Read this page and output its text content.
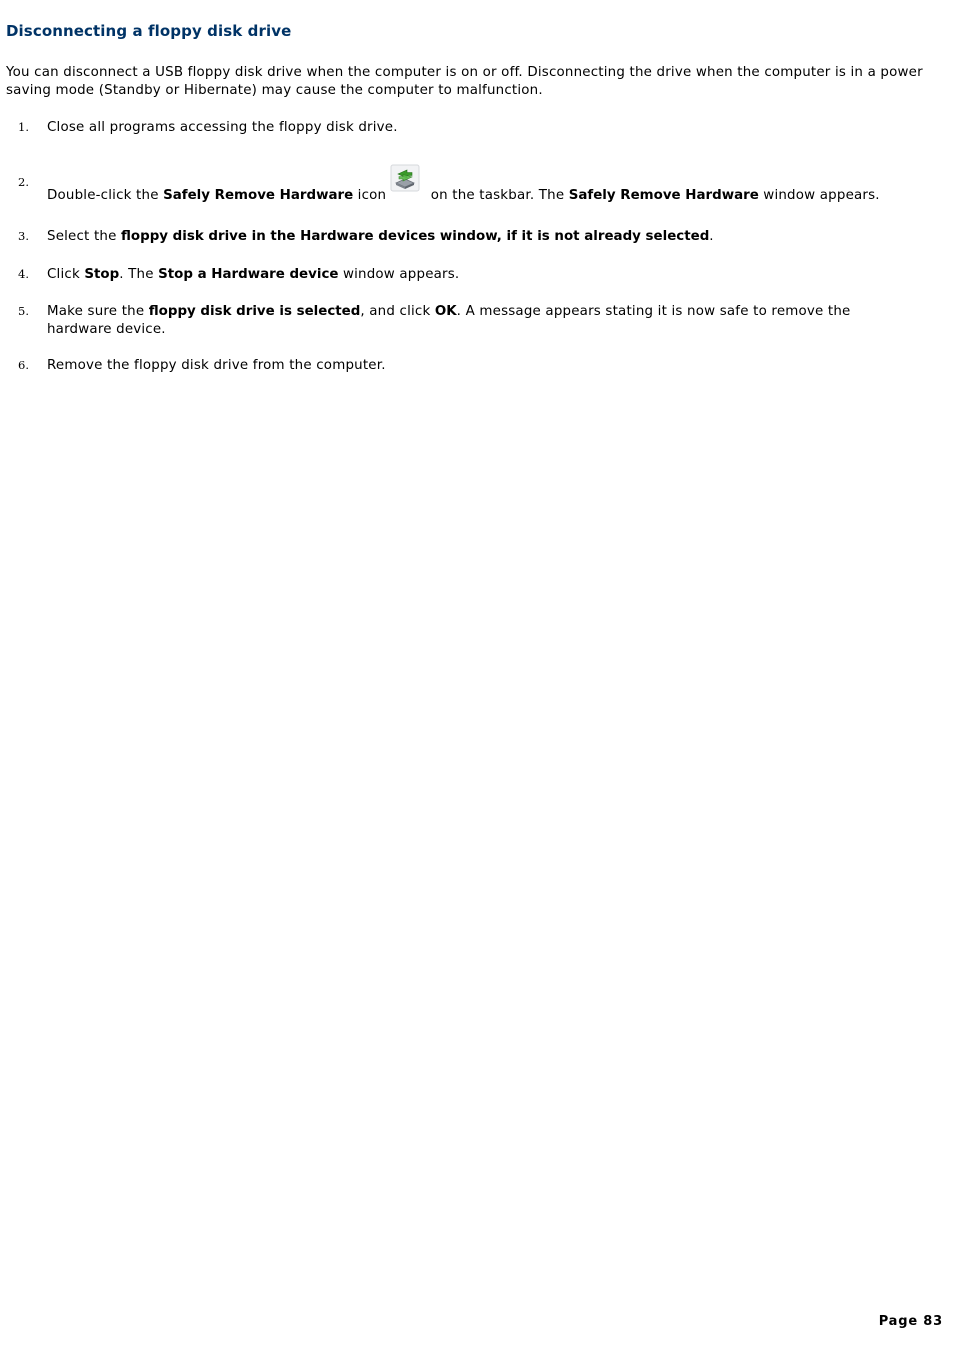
Disconnecting a floppy disk drive

You can disconnect a USB floppy disk drive when the computer is on or off. Disconnecting the drive when the computer is in a power saving mode (Standby or Hibernate) may cause the computer to malfunction.

1. Close all programs accessing the floppy disk drive.
2.
Double-click the Safely Remove Hardware icon	on the taskbar. The Safely Remove Hardware window appears.
3. Select the floppy disk drive in the Hardware devices window, if it is not already selected.
4. Click Stop. The Stop a Hardware device window appears.
5. Make sure the floppy disk drive is selected, and click OK. A message appears stating it is now safe to remove the hardware device.
6. Remove the floppy disk drive from the computer.
Page 83
